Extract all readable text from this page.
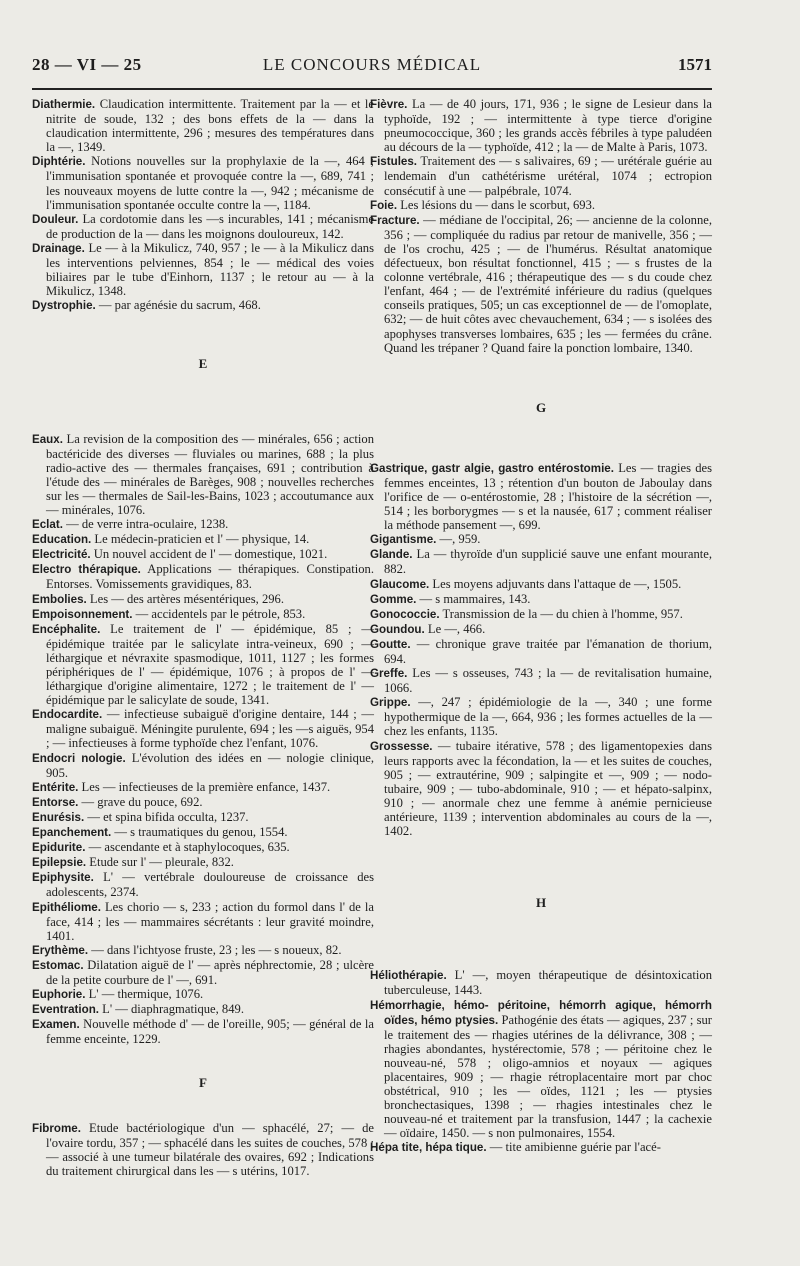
28 — VI — 25	LE CONCOURS MÉDICAL	1571

Diathermie. Claudication intermittente. Traitement par la — et le nitrite de soude, 132 ; des bons effets de la — dans la claudication intermittente, 296 ; mesures des températures dans la —, 1349.

Diphtérie. Notions nouvelles sur la prophylaxie de la —, 464 ; l'immunisation spontanée et provoquée contre la —, 689, 741 ; les nouveaux moyens de lutte contre la —, 942 ; mécanisme de l'immunisation spontanée occulte contre la —, 1184.

Douleur. La cordotomie dans les —s incurables, 141 ; mécanisme de production de la — dans les moignons douloureux, 142.

Drainage. Le — à la Mikulicz, 740, 957 ; le — à la Mikulicz dans les interventions pelviennes, 854 ; le — médical des voies biliaires par le tube d'Einhorn, 1137 ; le retour au — à la Mikulicz, 1348.

Dystrophie. — par agénésie du sacrum, 468.

E

Eaux. La revision de la composition des — minérales, 656 ; action bactéricide des diverses — fluviales ou marines, 688 ; la plus radio-active des — thermales françaises, 691 ; contribution à l'étude des — minérales de Barèges, 908 ; nouvelles recherches sur les — thermales de Sail-les-Bains, 1023 ; accoutumance aux — minérales, 1076.

Eclat. — de verre intra-oculaire, 1238.

Education. Le médecin-praticien et l' — physique, 14.

Electricité. Un nouvel accident de l' — domestique, 1021.

Electro thérapique. Applications — thérapiques. Constipation. Entorses. Vomissements gravidiques, 83.

Embolies. Les — des artères mésentériques, 296.

Empoisonnement. — accidentels par le pétrole, 853.

Encéphalite. Le traitement de l' — épidémique, 85 ; — épidémique traitée par le salicylate intra-veineux, 690 ; — léthargique et névraxite spasmodique, 1011, 1127 ; les formes périphériques de l' — épidémique, 1076 ; à propos de l' — léthargique d'origine alimentaire, 1272 ; le traitement de l' — épidémique par le salicylate de soude, 1341.

Endocardite. — infectieuse subaiguë d'origine dentaire, 144 ; — maligne subaiguë. Méningite purulente, 694 ; les —s aiguës, 954 ; — infectieuses à forme typhoïde chez l'enfant, 1076.

Endocri nologie. L'évolution des idées en — nologie clinique, 905.

Entérite. Les — infectieuses de la première enfance, 1437.

Entorse. — grave du pouce, 692.

Enurésis. — et spina bifida occulta, 1237.

Epanchement. — s traumatiques du genou, 1554.

Epidurite. — ascendante et à staphylocoques, 635.

Epilepsie. Etude sur l' — pleurale, 832.

Epiphysite. L' — vertébrale douloureuse de croissance des adolescents, 2374.

Epithéliome. Les chorio — s, 233 ; action du formol dans l' de la face, 414 ; les — mammaires sécrétants : leur gravité moindre, 1401.

Erythème. — dans l'ichtyose fruste, 23 ; les — s noueux, 82.

Estomac. Dilatation aiguë de l' — après néphrectomie, 28 ; ulcère de la petite courbure de l' —, 691.

Euphorie. L' — thermique, 1076.

Eventration. L' — diaphragmatique, 849.

Examen. Nouvelle méthode d' — de l'oreille, 905; — général de la femme enceinte, 1229.

F

Fibrome. Etude bactériologique d'un — sphacélé, 27; — de l'ovaire tordu, 357 ; — sphacélé dans les suites de couches, 578 ; — associé à une tumeur bilatérale des ovaires, 692 ; Indications du traitement chirurgical dans les — s utérins, 1017.

Fièvre. La — de 40 jours, 171, 936 ; le signe de Lesieur dans la typhoïde, 192 ; — intermittente à type tierce d'origine pneumococcique, 360 ; les grands accès fébriles à type paludéen au décours de la — typhoïde, 412 ; la — de Malte à Paris, 1073.

Fistules. Traitement des — s salivaires, 69 ; — urétérale guérie au lendemain d'un cathétérisme urétéral, 1074 ; ectropion consécutif à une — palpébrale, 1074.

Foie. Les lésions du — dans le scorbut, 693.

Fracture. — médiane de l'occipital, 26; — ancienne de la colonne, 356 ; — compliquée du radius par retour de manivelle, 356 ; — de l'os crochu, 425 ; — de l'humérus. Résultat anatomique défectueux, bon résultat fonctionnel, 415 ; — s frustes de la colonne vertébrale, 416 ; thérapeutique des — s du coude chez l'enfant, 464 ; — de l'extrémité inférieure du radius (quelques conseils pratiques, 505; un cas exceptionnel de — de l'omoplate, 632; — de huit côtes avec chevauchement, 634 ; — s isolées des apophyses transverses lombaires, 635 ; les — fermées du crâne. Quand les trépaner ? Quand faire la ponction lombaire, 1340.

G

Gastrique, gastr algie, gastro entérostomie. Les — tragies des femmes enceintes, 13 ; rétention d'un bouton de Jaboulay dans l'orifice de — o-entérostomie, 28 ; l'histoire de la sécrétion —, 514 ; les borborygmes — s et la nausée, 617 ; comment réaliser la méthode pansement —, 699.

Gigantisme. —, 959.

Glande. La — thyroïde d'un supplicié sauve une enfant mourante, 882.

Glaucome. Les moyens adjuvants dans l'attaque de —, 1505.

Gomme. — s mammaires, 143.

Gonococcie. Transmission de la — du chien à l'homme, 957.

Goundou. Le —, 466.

Goutte. — chronique grave traitée par l'émanation de thorium, 694.

Greffe. Les — s osseuses, 743 ; la — de revitalisation humaine, 1066.

Grippe. —, 247 ; épidémiologie de la —, 340 ; une forme hypothermique de la —, 664, 936 ; les formes actuelles de la — chez les enfants, 1135.

Grossesse. — tubaire itérative, 578 ; des ligamentopexies dans leurs rapports avec la fécondation, la — et les suites de couches, 905 ; — extrautérine, 909 ; salpingite et —, 909 ; — nodo-tubaire, 909 ; — tubo-abdominale, 910 ; — et hépato-salpinx, 910 ; — anormale chez une femme à anémie pernicieuse antérieure, 1139 ; intervention abdominales au cours de la —, 1402.

H

Héliothérapie. L' —, moyen thérapeutique de désintoxication tuberculeuse, 1443.

Hémorrhagie, hémo- péritoine, hémorrh agique, hémorrh oïdes, hémo ptysies. Pathogénie des états — agiques, 237 ; sur le traitement des — rhagies utérines de la délivrance, 308 ; — rhagies abondantes, hystérectomie, 578 ; — péritoine chez le nouveau-né, 578 ; oligo-amnios et noyaux — agiques placentaires, 909 ; — rhagie rétroplacentaire mort par choc obstétrical, 910 ; les — oïdes, 1121 ; les — ptysies bronchectasiques, 1398 ; — rhagies intestinales chez le nouveau-né et traitement par la transfusion, 1447 ; la cachexie — oïdaire, 1450. — s non pulmonaires, 1554.

Hépa tite, hépa tique. — tite amibienne guérie par l'acé-
